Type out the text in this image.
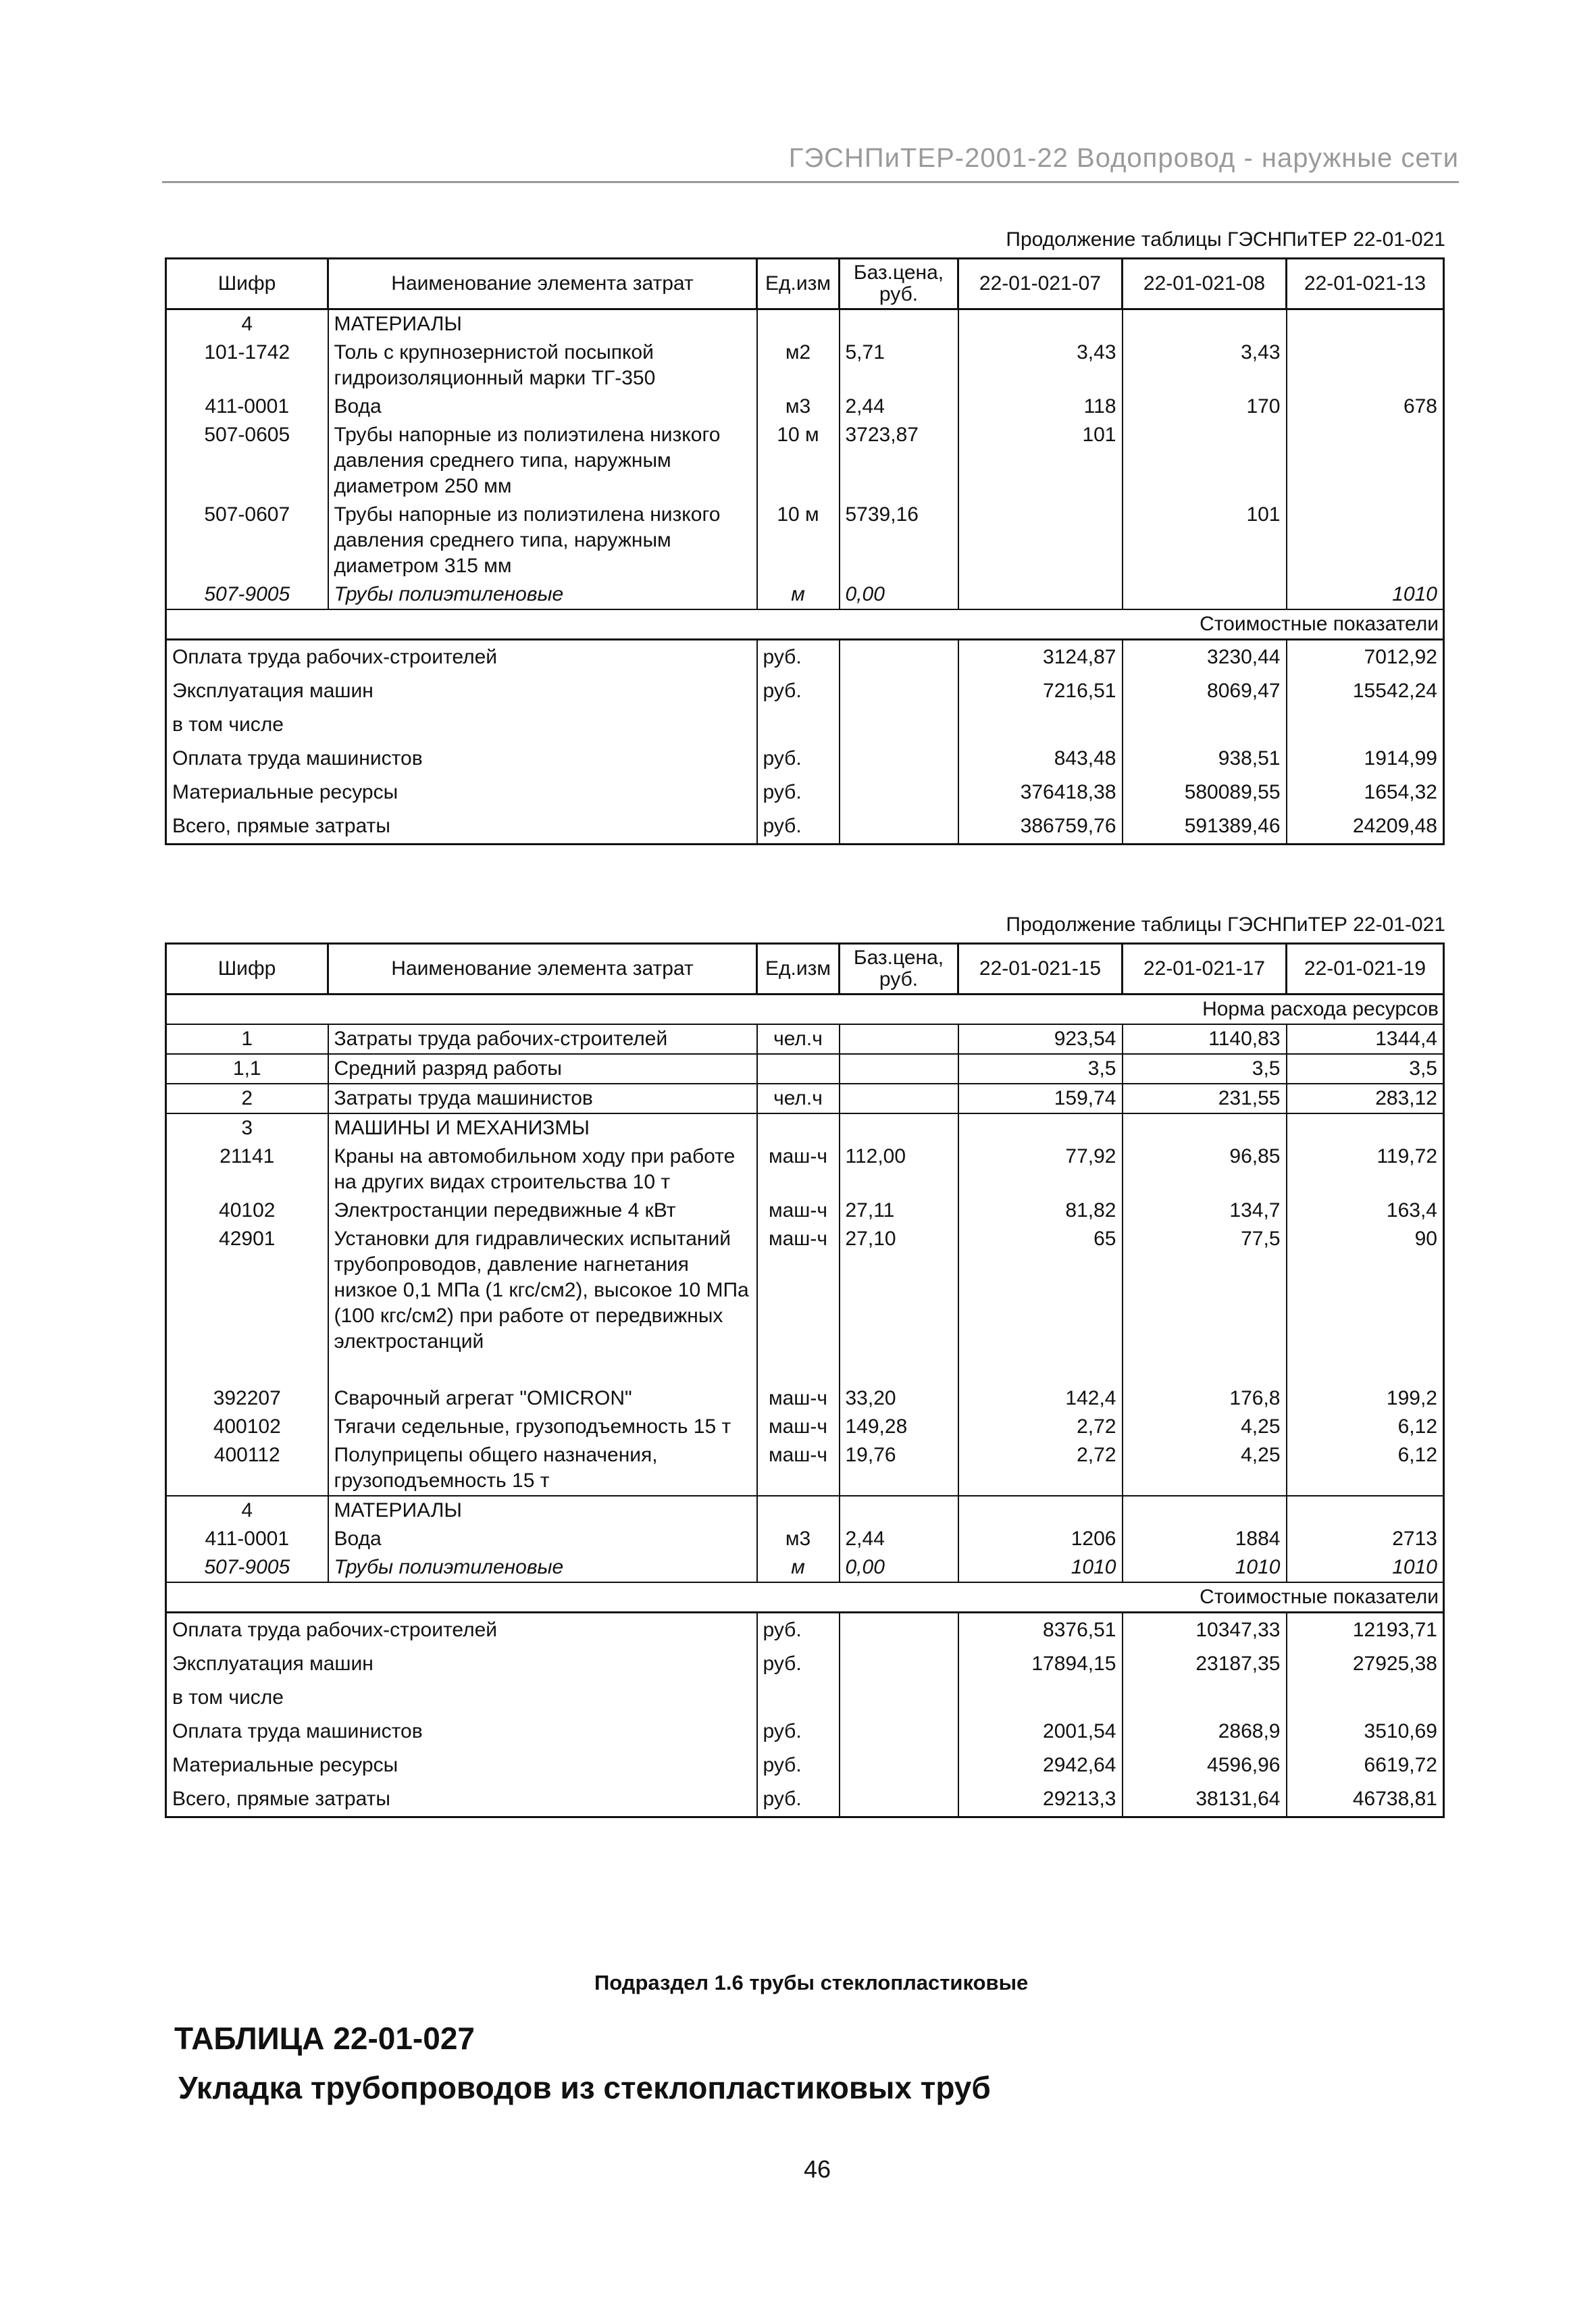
ГЭСНПиТЕР-2001-22 Водопровод - наружные сети
Продолжение таблицы ГЭСНПиТЕР 22-01-021
Шифр	Наименование элемента затрат	Ед.изм	Баз.цена, руб.	22-01-021-07	22-01-021-08	22-01-021-13
4	МАТЕРИАЛЫ					
101-1742	Толь с крупнозернистой посыпкой гидроизоляционный марки ТГ-350	м2	5,71	3,43	3,43	
411-0001	Вода	м3	2,44	118	170	678
507-0605	Трубы напорные из полиэтилена низкого давления среднего типа, наружным диаметром 250 мм	10 м	3723,87	101		
507-0607	Трубы напорные из полиэтилена низкого давления среднего типа, наружным диаметром 315 мм	10 м	5739,16		101	
507-9005	Трубы полиэтиленовые	м	0,00			1010
Стоимостные показатели						
Оплата труда рабочих-строителей		руб.		3124,87	3230,44	7012,92
Эксплуатация машин		руб.		7216,51	8069,47	15542,24
в том числе						
Оплата труда машинистов		руб.		843,48	938,51	1914,99
Материальные ресурсы		руб.		376418,38	580089,55	1654,32
Всего, прямые затраты		руб.		386759,76	591389,46	24209,48
Продолжение таблицы ГЭСНПиТЕР 22-01-021
Шифр	Наименование элемента затрат	Ед.изм	Баз.цена, руб.	22-01-021-15	22-01-021-17	22-01-021-19
Норма расхода ресурсов						
1	Затраты труда рабочих-строителей	чел.ч		923,54	1140,83	1344,4
1,1	Средний разряд работы			3,5	3,5	3,5
2	Затраты труда машинистов	чел.ч		159,74	231,55	283,12
3	МАШИНЫ И МЕХАНИЗМЫ					
21141	Краны на автомобильном ходу при работе на других видах строительства 10 т	маш-ч	112,00	77,92	96,85	119,72
40102	Электростанции передвижные 4 кВт	маш-ч	27,11	81,82	134,7	163,4
42901	Установки для гидравлических испытаний трубопроводов, давление нагнетания низкое 0,1 МПа (1 кгс/см2), высокое 10 МПа (100 кгс/см2) при работе от передвижных электростанций	маш-ч	27,10	65	77,5	90
392207	Сварочный агрегат "OMICRON"	маш-ч	33,20	142,4	176,8	199,2
400102	Тягачи седельные, грузоподъемность 15 т	маш-ч	149,28	2,72	4,25	6,12
400112	Полуприцепы общего назначения, грузоподъемность 15 т	маш-ч	19,76	2,72	4,25	6,12
4	МАТЕРИАЛЫ					
411-0001	Вода	м3	2,44	1206	1884	2713
507-9005	Трубы полиэтиленовые	м	0,00	1010	1010	1010
Стоимостные показатели						
Оплата труда рабочих-строителей		руб.		8376,51	10347,33	12193,71
Эксплуатация машин		руб.		17894,15	23187,35	27925,38
в том числе						
Оплата труда машинистов		руб.		2001,54	2868,9	3510,69
Материальные ресурсы		руб.		2942,64	4596,96	6619,72
Всего, прямые затраты		руб.		29213,3	38131,64	46738,81
Подраздел 1.6 трубы стеклопластиковые
ТАБЛИЦА 22-01-027
Укладка трубопроводов из стеклопластиковых труб
46
